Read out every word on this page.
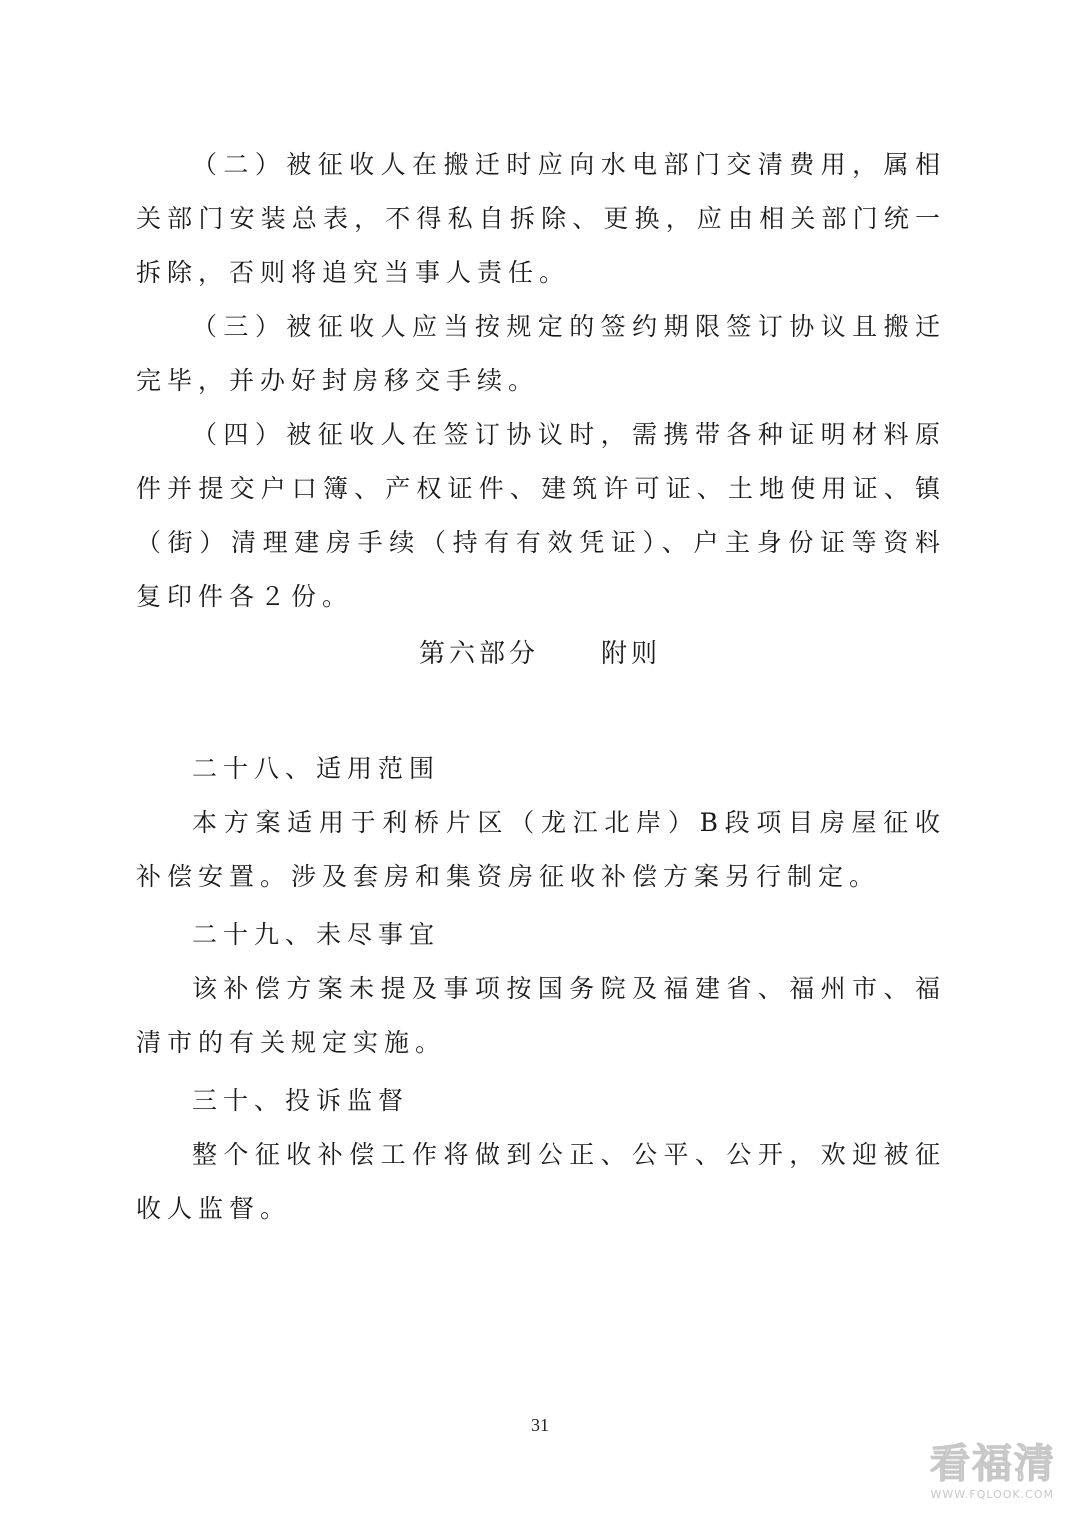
（二）被征收人在搬迁时应向水电部门交清费用，属相关部门安装总表，不得私自拆除、更换，应由相关部门统一拆除，否则将追究当事人责任。

（三）被征收人应当按规定的签约期限签订协议且搬迁完毕，并办好封房移交手续。

（四）被征收人在签订协议时，需携带各种证明材料原件并提交户口簿、产权证件、建筑许可证、土地使用证、镇（街）清理建房手续（持有有效凭证）、户主身份证等资料复印件各２份。

第六部分 附则

二十八、适用范围

本方案适用于利桥片区（龙江北岸）B段项目房屋征收补偿安置。涉及套房和集资房征收补偿方案另行制定。

二十九、未尽事宜

该补偿方案未提及事项按国务院及福建省、福州市、福清市的有关规定实施。

三十、投诉监督

整个征收补偿工作将做到公正、公平、公开，欢迎被征收人监督。

31
看福清
WWW.FQLOOK.COM
